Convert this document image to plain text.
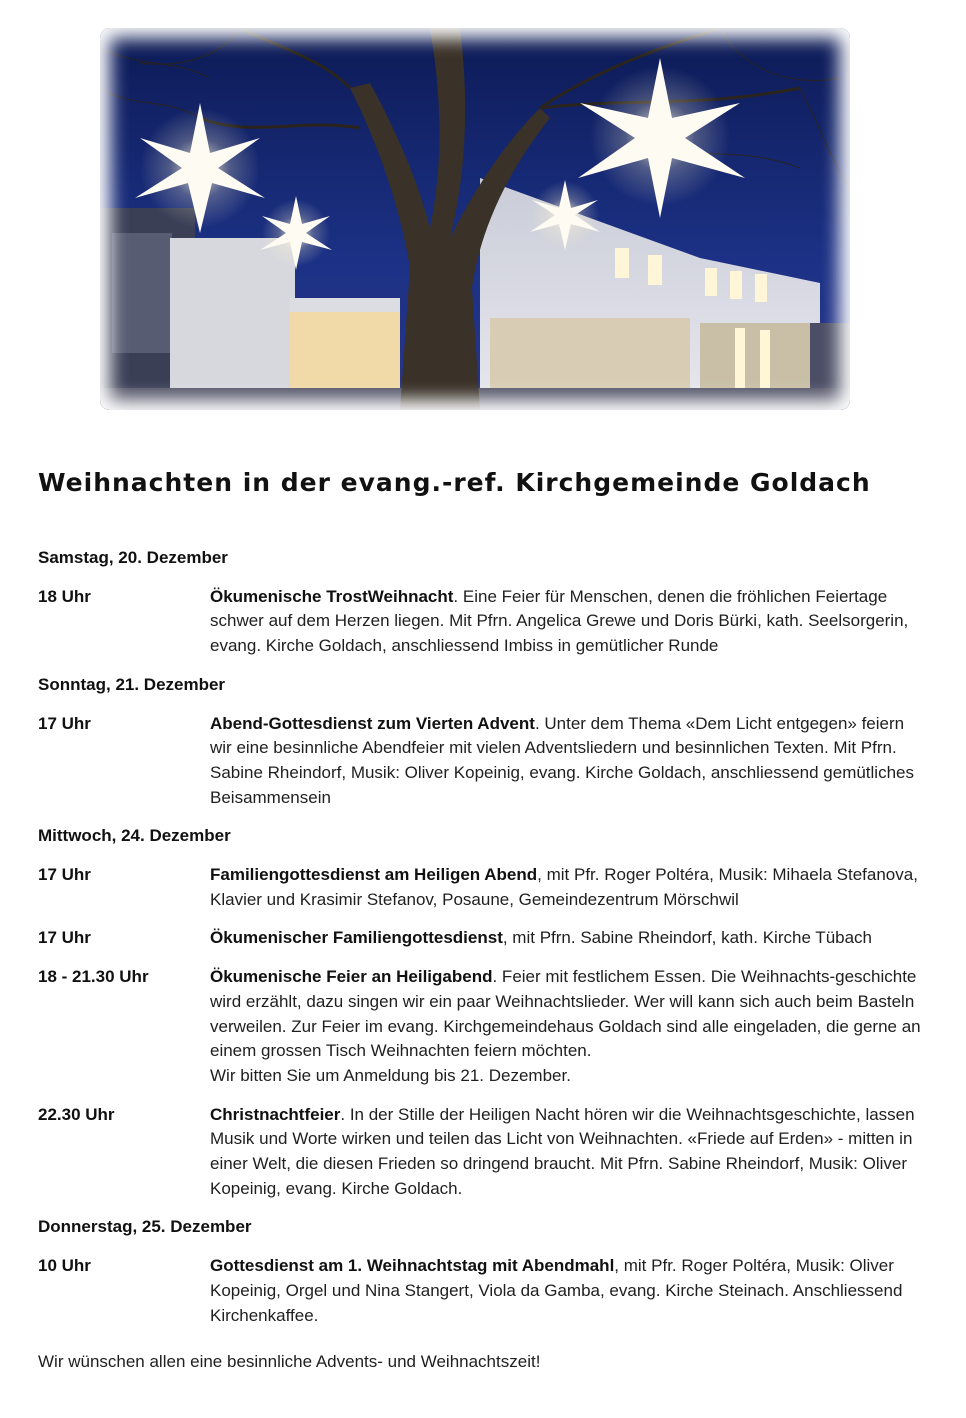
Weihnachten in der evang.-ref. Kirchgemeinde Goldach
Samstag, 20. Dezember
18 Uhr	Ökumenische TrostWeihnacht. Eine Feier für Menschen, denen die fröhlichen Feiertage schwer auf dem Herzen liegen. Mit Pfrn. Angelica Grewe und Doris Bürki, kath. Seelsorgerin, evang. Kirche Goldach, anschliessend Imbiss in gemütlicher Runde
Sonntag, 21. Dezember
17 Uhr	Abend-Gottesdienst zum Vierten Advent. Unter dem Thema «Dem Licht entgegen» feiern wir eine besinnliche Abendfeier mit vielen Adventsliedern und besinnlichen Texten. Mit Pfrn. Sabine Rheindorf, Musik: Oliver Kopeinig, evang. Kirche Goldach, anschliessend gemütliches Beisammensein
Mittwoch, 24. Dezember
17 Uhr	Familiengottesdienst am Heiligen Abend, mit Pfr. Roger Poltéra, Musik: Mihaela Stefanova, Klavier und Krasimir Stefanov, Posaune, Gemeindezentrum Mörschwil
17 Uhr	Ökumenischer Familiengottesdienst, mit Pfrn. Sabine Rheindorf, kath. Kirche Tübach
18 - 21.30 Uhr	Ökumenische Feier an Heiligabend. Feier mit festlichem Essen. Die Weihnachts-geschichte wird erzählt, dazu singen wir ein paar Weihnachtslieder. Wer will kann sich auch beim Basteln verweilen. Zur Feier im evang. Kirchgemeindehaus Goldach sind alle eingeladen, die gerne an einem grossen Tisch Weihnachten feiern möchten.
Wir bitten Sie um Anmeldung bis 21. Dezember.
22.30 Uhr	Christnachtfeier. In der Stille der Heiligen Nacht hören wir die Weihnachtsgeschichte, lassen Musik und Worte wirken und teilen das Licht von Weihnachten. «Friede auf Erden» - mitten in einer Welt, die diesen Frieden so dringend braucht. Mit Pfrn. Sabine Rheindorf, Musik: Oliver Kopeinig, evang. Kirche Goldach.
Donnerstag, 25. Dezember
10 Uhr	Gottesdienst am 1. Weihnachtstag mit Abendmahl, mit Pfr. Roger Poltéra, Musik: Oliver Kopeinig, Orgel und Nina Stangert, Viola da Gamba, evang. Kirche Steinach. Anschliessend Kirchenkaffee.
Wir wünschen allen eine besinnliche Advents- und Weihnachtszeit!
